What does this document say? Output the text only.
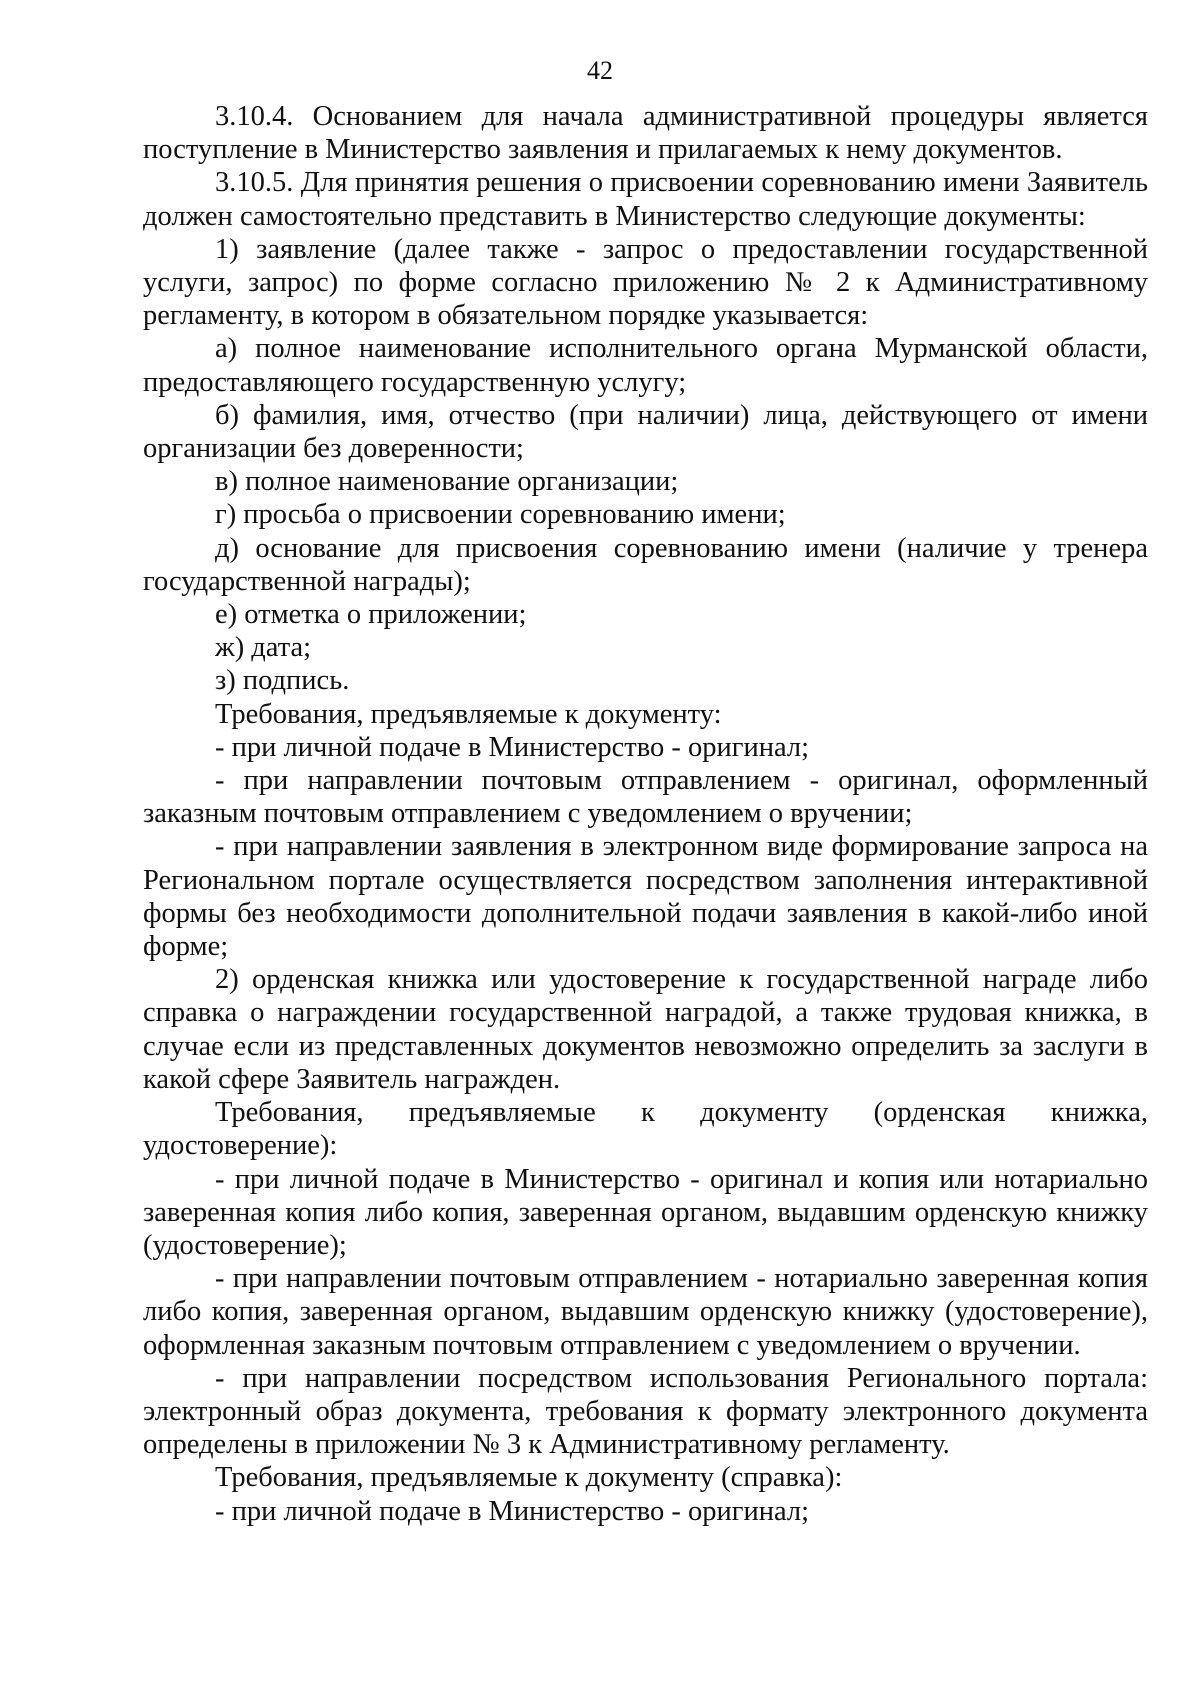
42

3.10.4. Основанием для начала административной процедуры является поступление в Министерство заявления и прилагаемых к нему документов.

3.10.5. Для принятия решения о присвоении соревнованию имени Заявитель должен самостоятельно представить в Министерство следующие документы:

1) заявление (далее также - запрос о предоставлении государственной услуги, запрос) по форме согласно приложению № 2 к Административному регламенту, в котором в обязательном порядке указывается:

а) полное наименование исполнительного органа Мурманской области, предоставляющего государственную услугу;

б) фамилия, имя, отчество (при наличии) лица, действующего от имени организации без доверенности;

в) полное наименование организации;

г) просьба о присвоении соревнованию имени;

д) основание для присвоения соревнованию имени (наличие у тренера государственной награды);

е) отметка о приложении;

ж) дата;

з) подпись.

Требования, предъявляемые к документу:

- при личной подаче в Министерство - оригинал;

- при направлении почтовым отправлением - оригинал, оформленный заказным почтовым отправлением с уведомлением о вручении;

- при направлении заявления в электронном виде формирование запроса на Региональном портале осуществляется посредством заполнения интерактивной формы без необходимости дополнительной подачи заявления в какой-либо иной форме;

2) орденская книжка или удостоверение к государственной награде либо справка о награждении государственной наградой, а также трудовая книжка, в случае если из представленных документов невозможно определить за заслуги в какой сфере Заявитель награжден.

Требования, предъявляемые к документу (орденская книжка, удостоверение):

- при личной подаче в Министерство - оригинал и копия или нотариально заверенная копия либо копия, заверенная органом, выдавшим орденскую книжку (удостоверение);

- при направлении почтовым отправлением - нотариально заверенная копия либо копия, заверенная органом, выдавшим орденскую книжку (удостоверение), оформленная заказным почтовым отправлением с уведомлением о вручении.

- при направлении посредством использования Регионального портала: электронный образ документа, требования к формату электронного документа определены в приложении № 3 к Административному регламенту.

Требования, предъявляемые к документу (справка):

- при личной подаче в Министерство - оригинал;
